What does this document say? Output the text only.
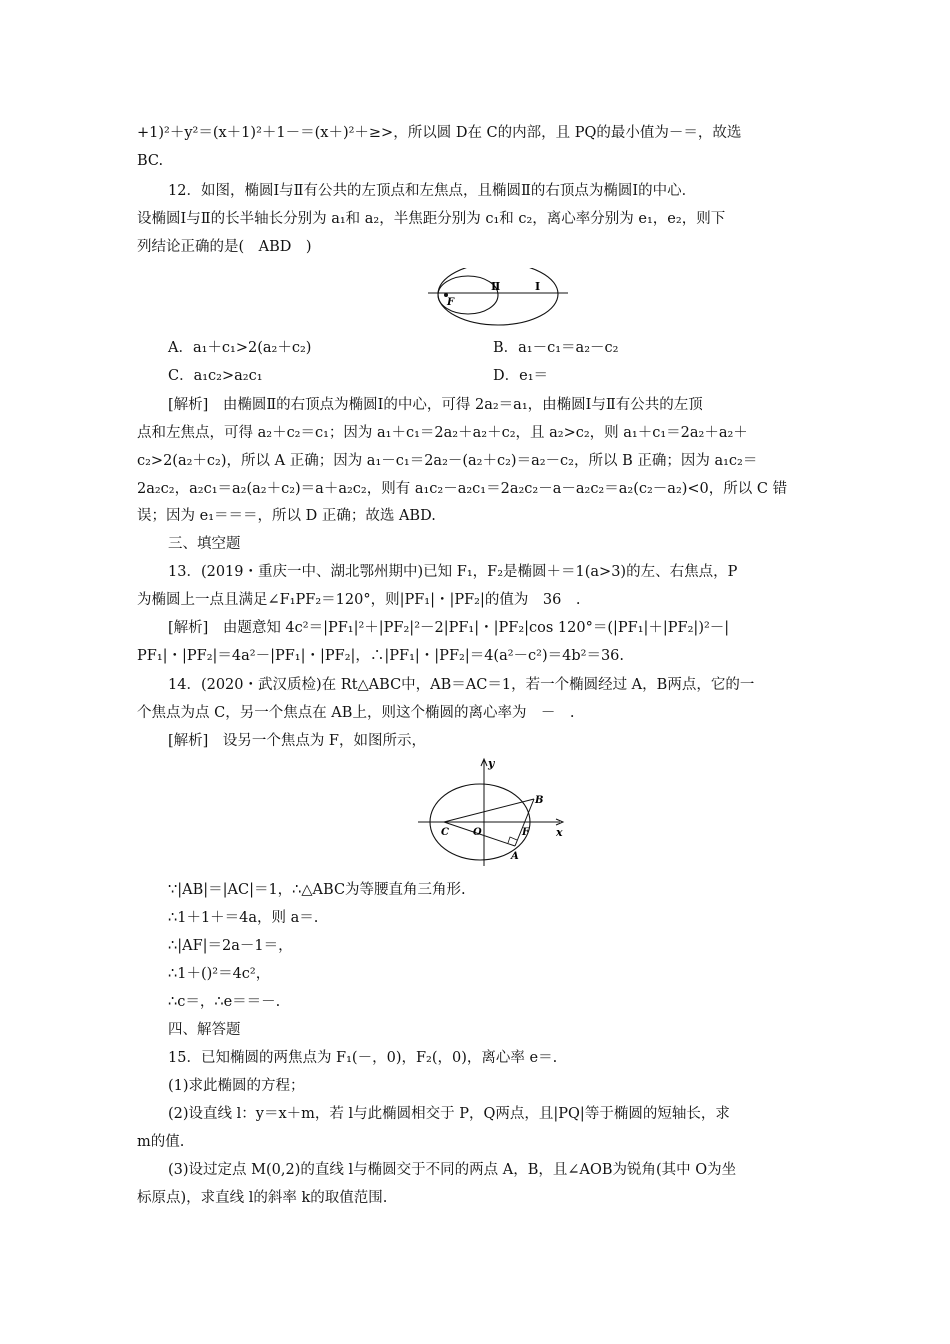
+1)²＋y²＝(x＋1)²＋1－＝(x＋)²＋≥>，所以圆 D在 C的内部，且 PQ的最小值为－＝，故选
BC.
12．如图，椭圆Ⅰ与Ⅱ有公共的左顶点和左焦点，且椭圆Ⅱ的右顶点为椭圆Ⅰ的中心．
设椭圆Ⅰ与Ⅱ的长半轴长分别为 a₁和 a₂，半焦距分别为 c₁和 c₂，离心率分别为 e₁，e₂，则下
列结论正确的是(　ABD　)
F
Ⅱ	Ⅰ
A．a₁＋c₁>2(a₂＋c₂)	B．a₁－c₁＝a₂－c₂
C．a₁c₂>a₂c₁	D．e₁＝
[解析]　由椭圆Ⅱ的右顶点为椭圆Ⅰ的中心，可得 2a₂＝a₁，由椭圆Ⅰ与Ⅱ有公共的左顶
点和左焦点，可得 a₂＋c₂＝c₁；因为 a₁＋c₁＝2a₂＋a₂＋c₂，且 a₂>c₂，则 a₁＋c₁＝2a₂＋a₂＋
c₂>2(a₂＋c₂)，所以 A 正确；因为 a₁－c₁＝2a₂－(a₂＋c₂)＝a₂－c₂，所以 B 正确；因为 a₁c₂＝
2a₂c₂，a₂c₁＝a₂(a₂＋c₂)＝a＋a₂c₂，则有 a₁c₂－a₂c₁＝2a₂c₂－a－a₂c₂＝a₂(c₂－a₂)<0，所以 C 错
误；因为 e₁＝＝＝，所以 D 正确；故选 ABD.
三、填空题
13．(2019・重庆一中、湖北鄂州期中)已知 F₁，F₂是椭圆＋＝1(a>3)的左、右焦点，P
为椭圆上一点且满足∠F₁PF₂＝120°，则|PF₁|・|PF₂|的值为　36　.
[解析]　由题意知 4c²＝|PF₁|²＋|PF₂|²－2|PF₁|・|PF₂|cos 120°＝(|PF₁|＋|PF₂|)²－|
PF₁|・|PF₂|＝4a²－|PF₁|・|PF₂|，∴|PF₁|・|PF₂|＝4(a²－c²)＝4b²＝36.
14．(2020・武汉质检)在 Rt△ABC中，AB＝AC＝1，若一个椭圆经过 A，B两点，它的一
个焦点为点 C，另一个焦点在 AB上，则这个椭圆的离心率为　－　.
[解析]　设另一个焦点为 F，如图所示，
y
x
C O	F
B
A
∵|AB|＝|AC|＝1，∴△ABC为等腰直角三角形.
∴1＋1＋＝4a，则 a＝.
∴|AF|＝2a－1＝，
∴1＋()²＝4c²，
∴c＝，∴e＝＝－.
四、解答题
15．已知椭圆的两焦点为 F₁(－，0)，F₂(，0)，离心率 e＝.
(1)求此椭圆的方程；
(2)设直线 l：y＝x＋m，若 l与此椭圆相交于 P，Q两点，且|PQ|等于椭圆的短轴长，求
m的值.
(3)设过定点 M(0,2)的直线 l与椭圆交于不同的两点 A，B，且∠AOB为锐角(其中 O为坐
标原点)，求直线 l的斜率 k的取值范围.
